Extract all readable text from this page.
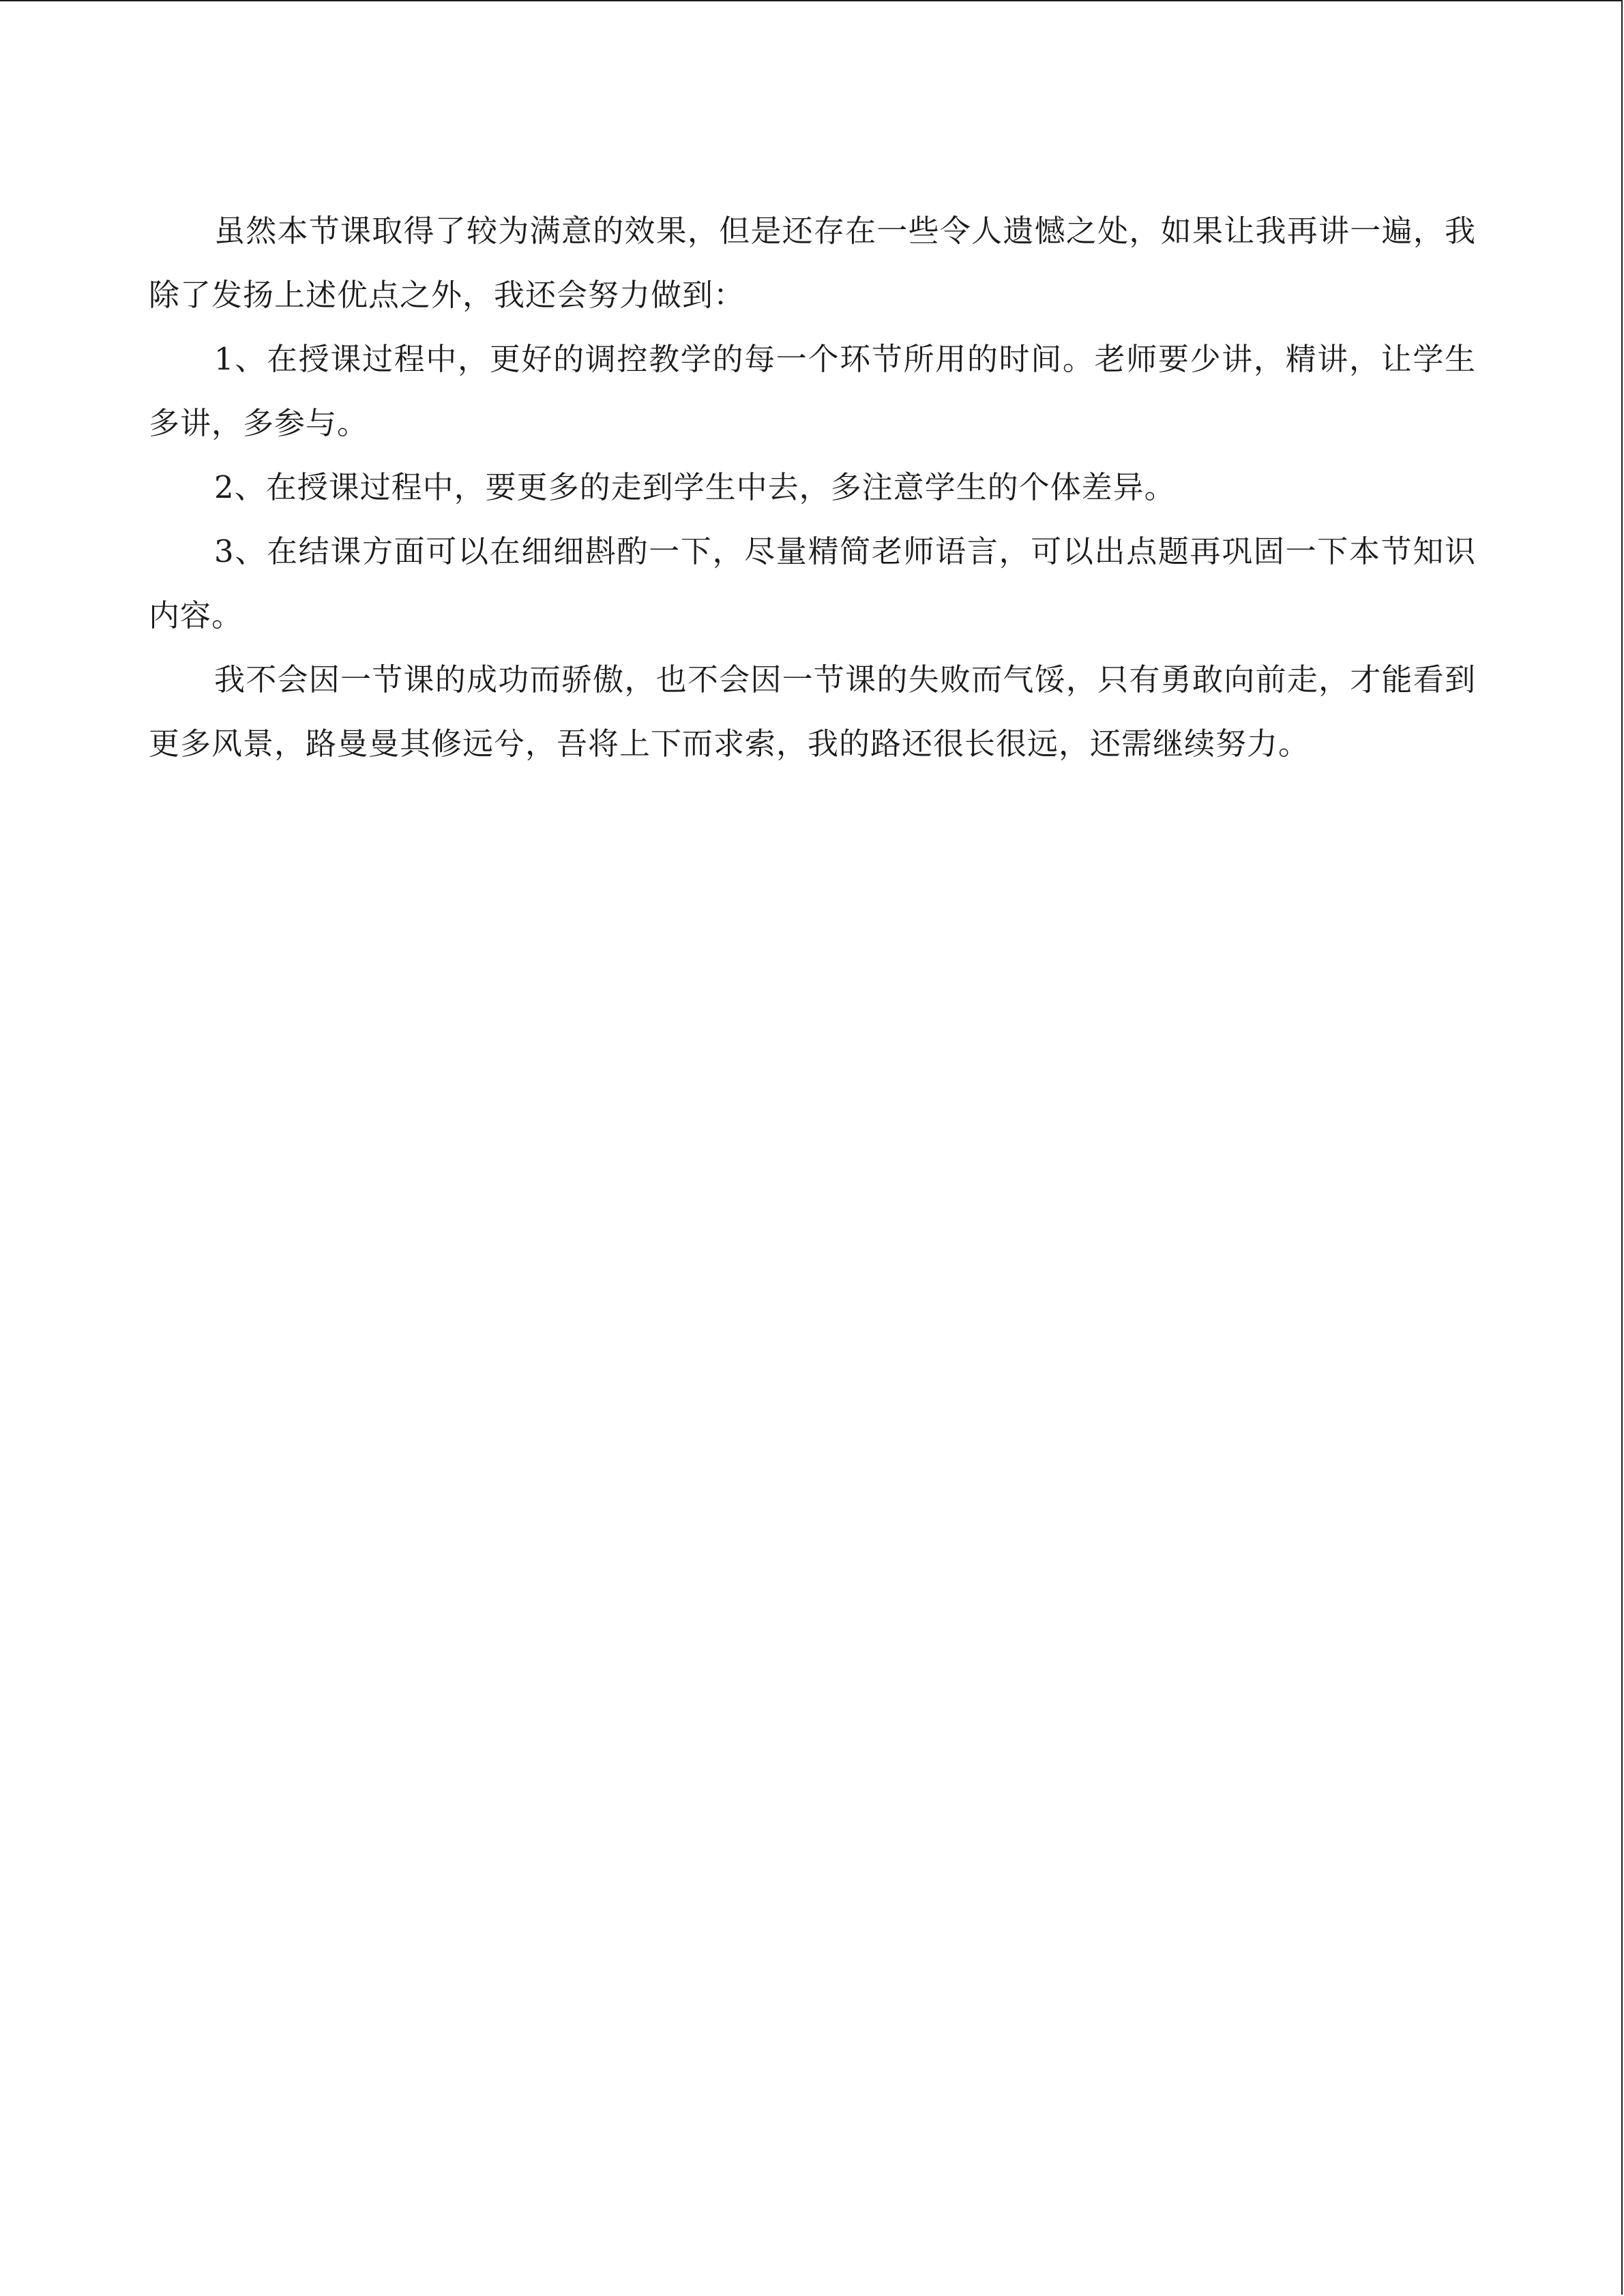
虽然本节课取得了较为满意的效果，但是还存在一些令人遗憾之处，如果让我再讲一遍，我除了发扬上述优点之外，我还会努力做到：

1、在授课过程中，更好的调控教学的每一个环节所用的时间。老师要少讲，精讲，让学生多讲，多参与。

2、在授课过程中，要更多的走到学生中去，多注意学生的个体差异。

3、在结课方面可以在细细斟酌一下，尽量精简老师语言，可以出点题再巩固一下本节知识内容。

我不会因一节课的成功而骄傲，也不会因一节课的失败而气馁，只有勇敢向前走，才能看到更多风景，路曼曼其修远兮，吾将上下而求索，我的路还很长很远，还需继续努力。
